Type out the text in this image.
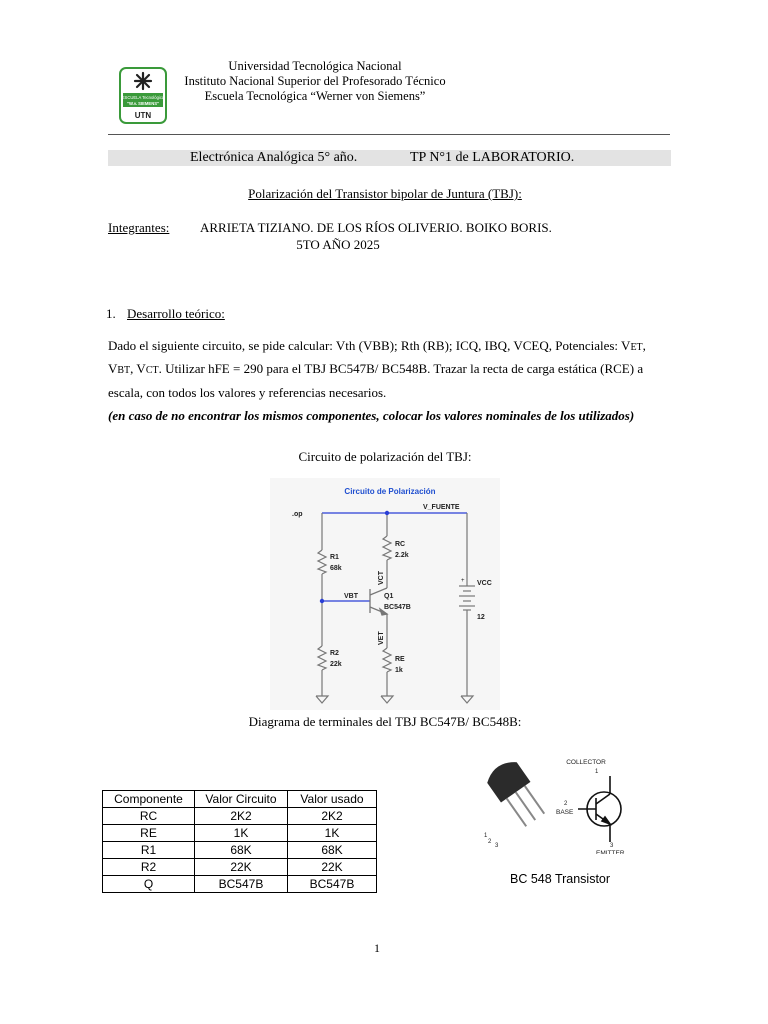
ESCUELA Tecnológica
"W.v. SIEMENS"
UTN
Universidad Tecnológica Nacional
Instituto Nacional Superior del Profesorado Técnico
Escuela Tecnológica “Werner von Siemens”
Electrónica Analógica 5° año.	TP N°1 de LABORATORIO.
Polarización del Transistor bipolar de Juntura (TBJ):
Integrantes: ARRIETA TIZIANO. DE LOS RÍOS OLIVERIO. BOIKO BORIS.
5TO AÑO 2025
1. Desarrollo teórico:
Dado el siguiente circuito, se pide calcular: Vth (VBB); Rth (RB); ICQ, IBQ, VCEQ, Potenciales: VET,
VBT, VCT. Utilizar hFE = 290 para el TBJ BC547B/ BC548B. Trazar la recta de carga estática (RCE) a
escala, con todos los valores y referencias necesarios.
(en caso de no encontrar los mismos componentes, colocar los valores nominales de los utilizados)
Circuito de polarización del TBJ:
Circuito de Polarización
.op
V_FUENTE
+
R1
68k
R2
22k
RC
2.2k
RE
1k
Q1
BC547B
VBT
VCC
12
VCT
VET
Diagrama de terminales del TBJ BC547B/ BC548B:
Componente	Valor Circuito	Valor usado
RC	2K2	2K2
RE	1K	1K
R1	68K	68K
R2	22K	22K
Q	BC547B	BC547B
1
2
3
COLLECTOR
1
2
BASE
3
EMITTER
BC 548 Transistor
1
